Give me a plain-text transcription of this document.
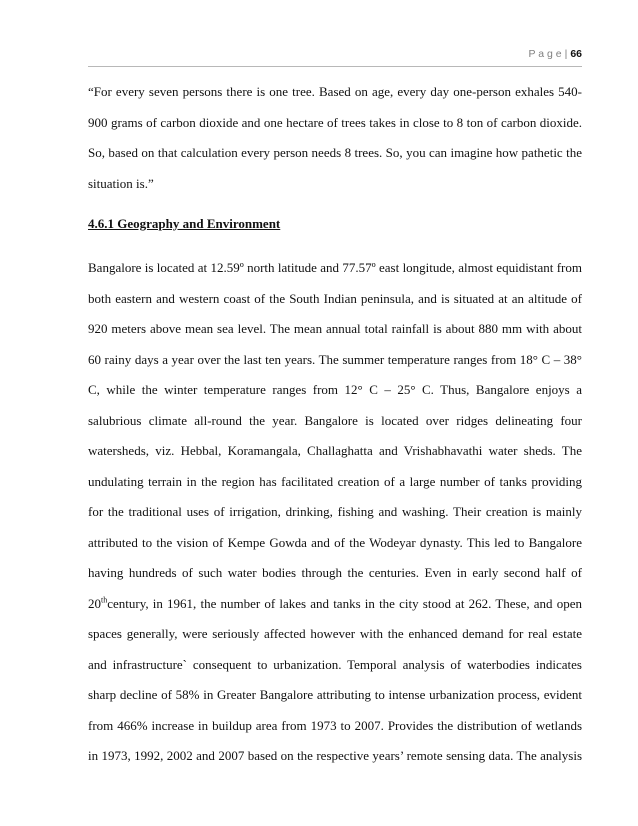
P a g e | 66

“For every seven persons there is one tree. Based on age, every day one-person exhales 540-900 grams of carbon dioxide and one hectare of trees takes in close to 8 ton of carbon dioxide. So, based on that calculation every person needs 8 trees. So, you can imagine how pathetic the situation is.”

4.6.1 Geography and Environment

Bangalore is located at 12.59º north latitude and 77.57º east longitude, almost equidistant from both eastern and western coast of the South Indian peninsula, and is situated at an altitude of 920 meters above mean sea level. The mean annual total rainfall is about 880 mm with about 60 rainy days a year over the last ten years. The summer temperature ranges from 18° C – 38° C, while the winter temperature ranges from 12° C – 25° C. Thus, Bangalore enjoys a salubrious climate all-round the year. Bangalore is located over ridges delineating four watersheds, viz. Hebbal, Koramangala, Challaghatta and Vrishabhavathi water sheds. The undulating terrain in the region has facilitated creation of a large number of tanks providing for the traditional uses of irrigation, drinking, fishing and washing. Their creation is mainly attributed to the vision of Kempe Gowda and of the Wodeyar dynasty. This led to Bangalore having hundreds of such water bodies through the centuries. Even in early second half of 20thcentury, in 1961, the number of lakes and tanks in the city stood at 262. These, and open spaces generally, were seriously affected however with the enhanced demand for real estate and infrastructure` consequent to urbanization. Temporal analysis of waterbodies indicates sharp decline of 58% in Greater Bangalore attributing to intense urbanization process, evident from 466% increase in buildup area from 1973 to 2007. Provides the distribution of wetlands in 1973, 1992, 2002 and 2007 based on the respective years’ remote sensing data. The analysis
